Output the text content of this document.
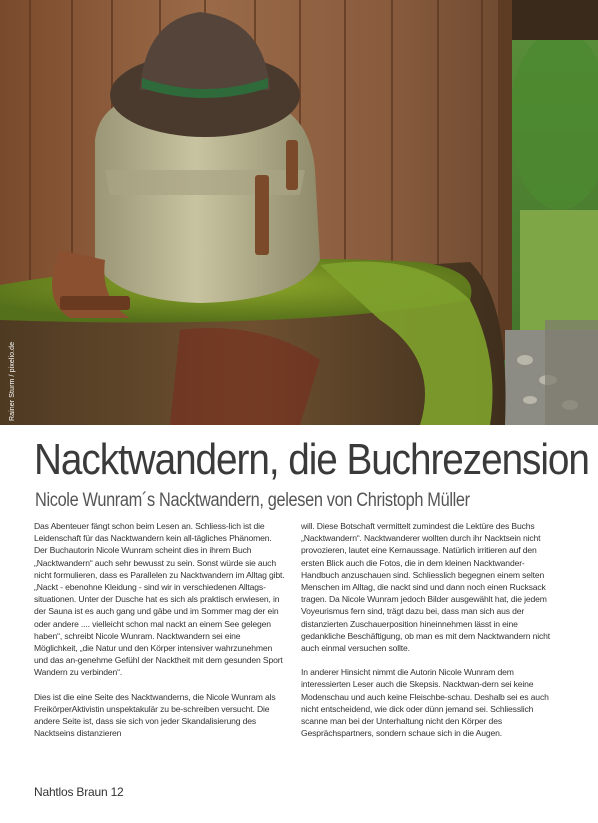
Rainer Sturm / pixelio.de
Nacktwandern, die Buchrezension
Nicole Wunram´s Nacktwandern, gelesen von Christoph Müller

Das Abenteuer fängt schon beim Lesen an. Schliess-lich ist die Leidenschaft für das Nacktwandern kein all-tägliches Phänomen. Der Buchautorin Nicole Wunram scheint dies in ihrem Buch „Nacktwandern“ auch sehr bewusst zu sein. Sonst würde sie auch nicht formulieren, dass es Parallelen zu Nacktwandern im Alltag gibt. „Nackt - ebenohne Kleidung - sind wir in verschiedenen Alltags-situationen. Unter der Dusche hat es sich als praktisch erwiesen, in der Sauna ist es auch gang und gäbe und im Sommer mag der ein oder andere .... vielleicht schon mal nackt an einem See gelegen haben“, schreibt Nicole Wunram. Nacktwandern sei eine Möglichkeit, „die Natur und den Körper intensiver wahrzunehmen und das an-genehme Gefühl der Nacktheit mit dem gesunden Sport Wandern zu verbinden“.

Dies ist die eine Seite des Nacktwanderns, die Nicole Wunram als FreikörperAktivistin unspektakulär zu be-schreiben versucht. Die andere Seite ist, dass sie sich von jeder Skandalisierung des Nacktseins distanzieren

will. Diese Botschaft vermittelt zumindest die Lektüre des Buchs „Nacktwandern“. Nacktwanderer wollten durch ihr Nacktsein nicht provozieren, lautet eine Kernaussage. Natürlich irritieren auf den ersten Blick auch die Fotos, die in dem kleinen Nacktwander-Handbuch anzuschauen sind. Schliesslich begegnen einem selten Menschen im Alltag, die nackt sind und dann noch einen Rucksack tragen. Da Nicole Wunram jedoch Bilder ausgewählt hat, die jedem Voyeurismus fern sind, trägt dazu bei, dass man sich aus der distanzierten Zuschauerposition hineinnehmen lässt in eine gedankliche Beschäftigung, ob man es mit dem Nacktwandern nicht auch einmal versuchen sollte.

In anderer Hinsicht nimmt die Autorin Nicole Wunram dem interessierten Leser auch die Skepsis. Nacktwan-dern sei keine Modenschau und auch keine Fleischbe-schau. Deshalb sei es auch nicht entscheidend, wie dick oder dünn jemand sei. Schliesslich scanne man bei der Unterhaltung nicht den Körper des Gesprächspartners, sondern schaue sich in die Augen.

Nahtlos Braun 12
